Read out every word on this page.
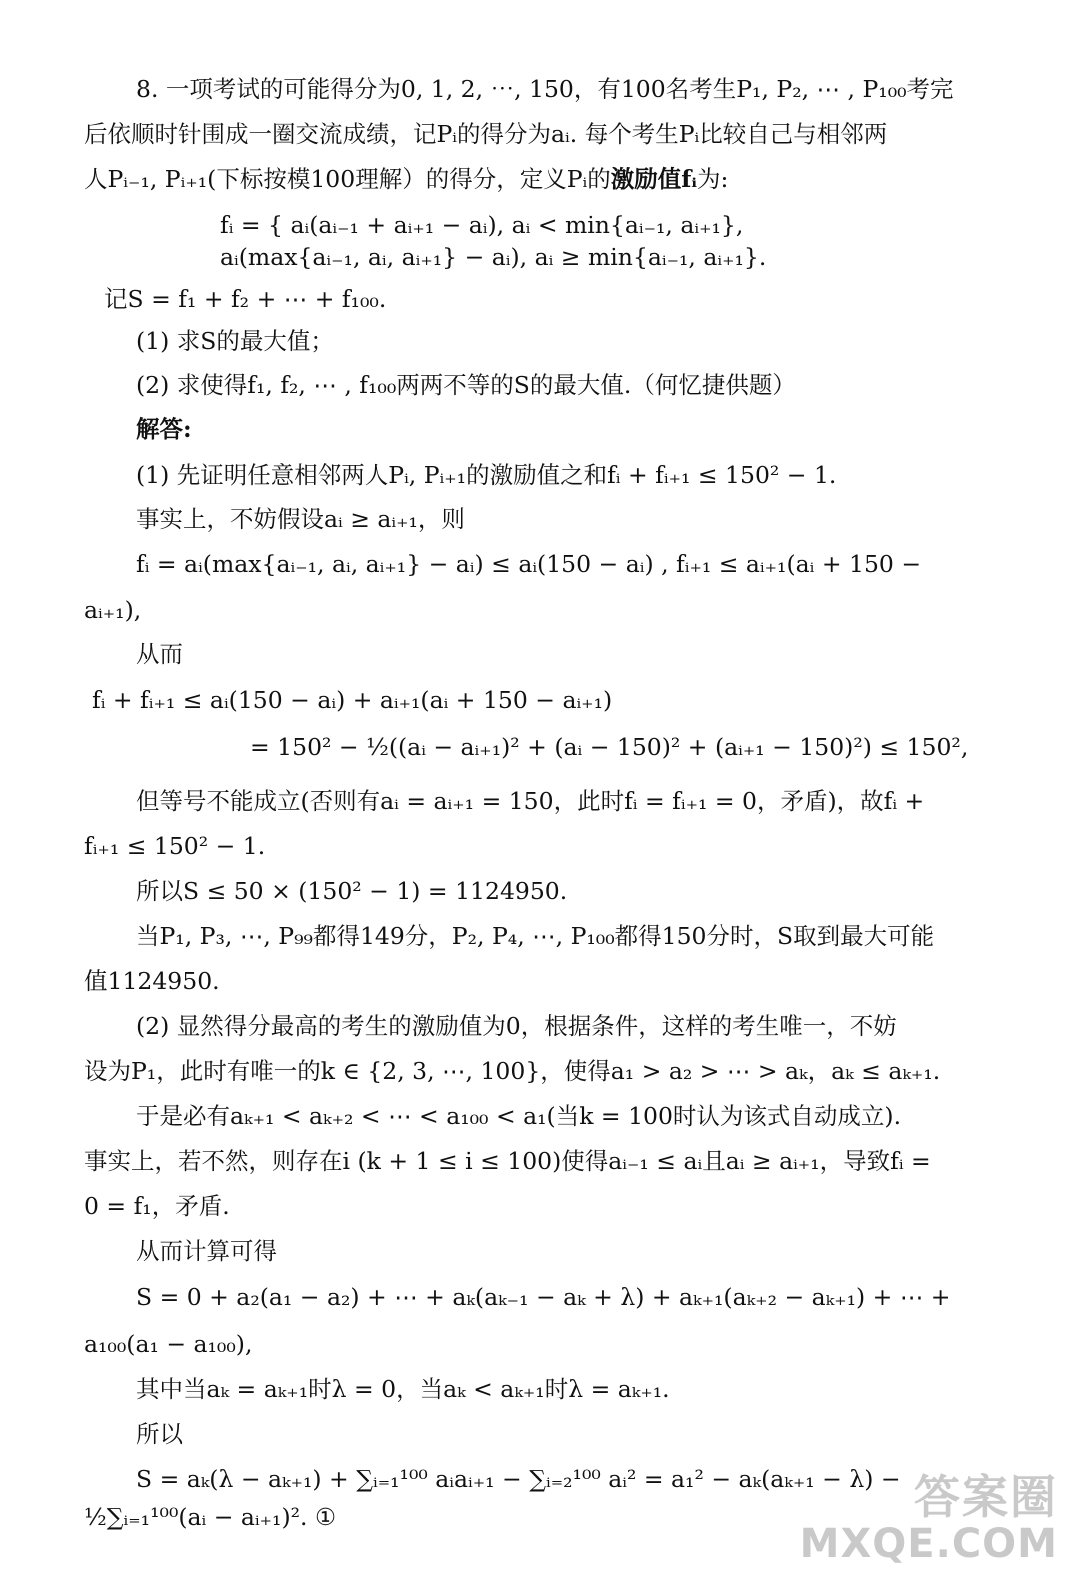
8. 一项考试的可能得分为0, 1, 2, ⋯, 150，有100名考生P₁, P₂, ⋯ , P₁₀₀考完
后依顺时针围成一圈交流成绩，记Pᵢ的得分为aᵢ. 每个考生Pᵢ比较自己与相邻两
人Pᵢ₋₁, Pᵢ₊₁(下标按模100理解）的得分，定义Pᵢ的激励值fᵢ为:
fᵢ = { aᵢ(aᵢ₋₁ + aᵢ₊₁ − aᵢ), aᵢ < min{aᵢ₋₁, aᵢ₊₁},
aᵢ(max{aᵢ₋₁, aᵢ, aᵢ₊₁} − aᵢ), aᵢ ≥ min{aᵢ₋₁, aᵢ₊₁}.
记S = f₁ + f₂ + ⋯ + f₁₀₀.
(1) 求S的最大值；
(2) 求使得f₁, f₂, ⋯ , f₁₀₀两两不等的S的最大值.（何忆捷供题）
解答:
(1) 先证明任意相邻两人Pᵢ, Pᵢ₊₁的激励值之和fᵢ + fᵢ₊₁ ≤ 150² − 1.
事实上，不妨假设aᵢ ≥ aᵢ₊₁，则
fᵢ = aᵢ(max{aᵢ₋₁, aᵢ, aᵢ₊₁} − aᵢ) ≤ aᵢ(150 − aᵢ) , fᵢ₊₁ ≤ aᵢ₊₁(aᵢ + 150 −
aᵢ₊₁),
从而
fᵢ + fᵢ₊₁ ≤ aᵢ(150 − aᵢ) + aᵢ₊₁(aᵢ + 150 − aᵢ₊₁)
= 150² − ½((aᵢ − aᵢ₊₁)² + (aᵢ − 150)² + (aᵢ₊₁ − 150)²) ≤ 150²,
但等号不能成立(否则有aᵢ = aᵢ₊₁ = 150，此时fᵢ = fᵢ₊₁ = 0，矛盾)，故fᵢ +
fᵢ₊₁ ≤ 150² − 1.
所以S ≤ 50 × (150² − 1) = 1124950.
当P₁, P₃, ⋯, P₉₉都得149分，P₂, P₄, ⋯, P₁₀₀都得150分时，S取到最大可能
值1124950.
(2) 显然得分最高的考生的激励值为0，根据条件，这样的考生唯一，不妨
设为P₁，此时有唯一的k ∈ {2, 3, ⋯, 100}，使得a₁ > a₂ > ⋯ > aₖ，aₖ ≤ aₖ₊₁.
于是必有aₖ₊₁ < aₖ₊₂ < ⋯ < a₁₀₀ < a₁(当k = 100时认为该式自动成立).
事实上，若不然，则存在i (k + 1 ≤ i ≤ 100)使得aᵢ₋₁ ≤ aᵢ且aᵢ ≥ aᵢ₊₁，导致fᵢ =
0 = f₁，矛盾.
从而计算可得
S = 0 + a₂(a₁ − a₂) + ⋯ + aₖ(aₖ₋₁ − aₖ + λ) + aₖ₊₁(aₖ₊₂ − aₖ₊₁) + ⋯ +
a₁₀₀(a₁ − a₁₀₀),
其中当aₖ = aₖ₊₁时λ = 0，当aₖ < aₖ₊₁时λ = aₖ₊₁.
所以
S = aₖ(λ − aₖ₊₁) + ∑ᵢ₌₁¹⁰⁰ aᵢaᵢ₊₁ − ∑ᵢ₌₂¹⁰⁰ aᵢ² = a₁² − aₖ(aₖ₊₁ − λ) −
½∑ᵢ₌₁¹⁰⁰(aᵢ − aᵢ₊₁)². ①	答案圈
MXQE.COM
